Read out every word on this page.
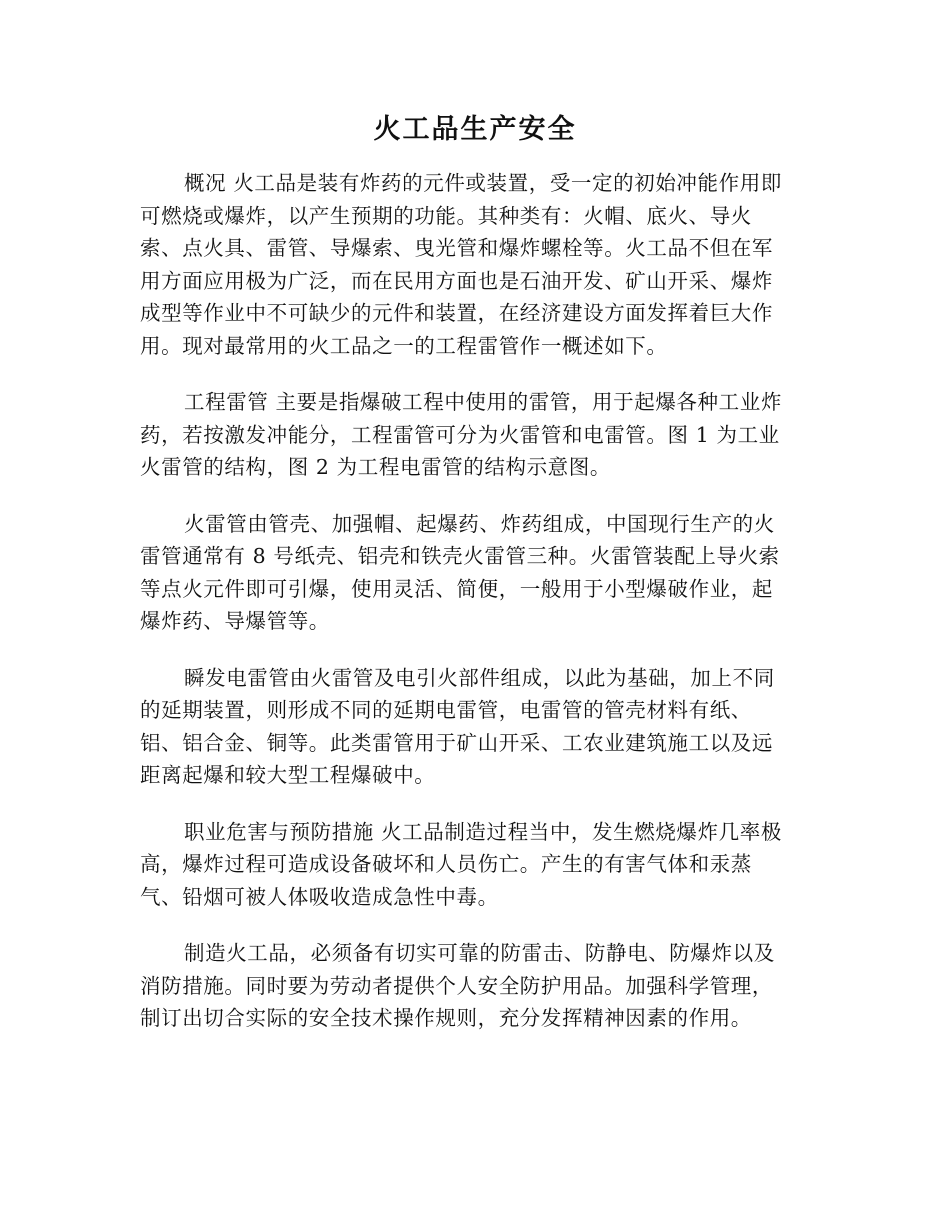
火工品生产安全
概况 火工品是装有炸药的元件或装置，受一定的初始冲能作用即
可燃烧或爆炸，以产生预期的功能。其种类有：火帽、底火、导火
索、点火具、雷管、导爆索、曳光管和爆炸螺栓等。火工品不但在军
用方面应用极为广泛，而在民用方面也是石油开发、矿山开采、爆炸
成型等作业中不可缺少的元件和装置，在经济建设方面发挥着巨大作
用。现对最常用的火工品之一的工程雷管作一概述如下。
工程雷管 主要是指爆破工程中使用的雷管，用于起爆各种工业炸
药，若按激发冲能分，工程雷管可分为火雷管和电雷管。图 1 为工业
火雷管的结构，图 2 为工程电雷管的结构示意图。
火雷管由管壳、加强帽、起爆药、炸药组成，中国现行生产的火
雷管通常有 8 号纸壳、铝壳和铁壳火雷管三种。火雷管装配上导火索
等点火元件即可引爆，使用灵活、简便，一般用于小型爆破作业，起
爆炸药、导爆管等。
瞬发电雷管由火雷管及电引火部件组成，以此为基础，加上不同
的延期装置，则形成不同的延期电雷管，电雷管的管壳材料有纸、
铝、铝合金、铜等。此类雷管用于矿山开采、工农业建筑施工以及远
距离起爆和较大型工程爆破中。
职业危害与预防措施 火工品制造过程当中，发生燃烧爆炸几率极
高，爆炸过程可造成设备破坏和人员伤亡。产生的有害气体和汞蒸
气、铅烟可被人体吸收造成急性中毒。
制造火工品，必须备有切实可靠的防雷击、防静电、防爆炸以及
消防措施。同时要为劳动者提供个人安全防护用品。加强科学管理，
制订出切合实际的安全技术操作规则，充分发挥精神因素的作用。
